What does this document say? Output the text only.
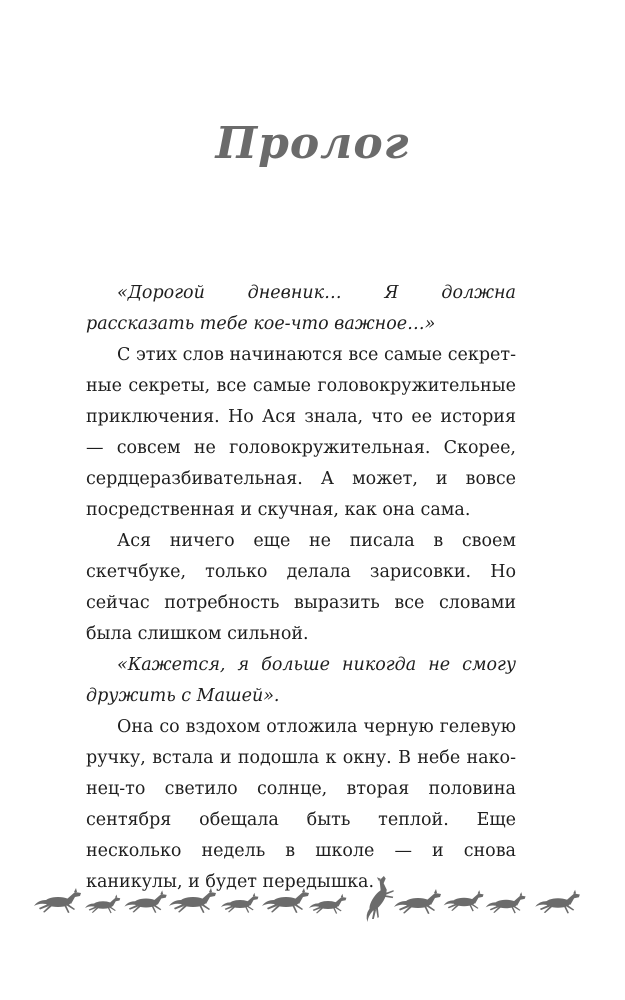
Пролог

«Дорогой дневник… Я должна рассказать тебе кое-что важное…»

С этих слов начинаются все самые секретные секреты, все самые головокружительные приключения. Но Ася знала, что ее история — совсем не головокружительная. Скорее, сердцеразбивательная. А может, и вовсе посредственная и скучная, как она сама.

Ася ничего еще не писала в своем скетчбуке, только делала зарисовки. Но сейчас потребность выразить все словами была слишком сильной.

«Кажется, я больше никогда не смогу дружить с Машей».

Она со вздохом отложила черную гелевую ручку, встала и подошла к окну. В небе наконец-то светило солнце, вторая половина сентября обещала быть теплой. Еще несколько недель в школе — и снова каникулы, и будет передышка.
